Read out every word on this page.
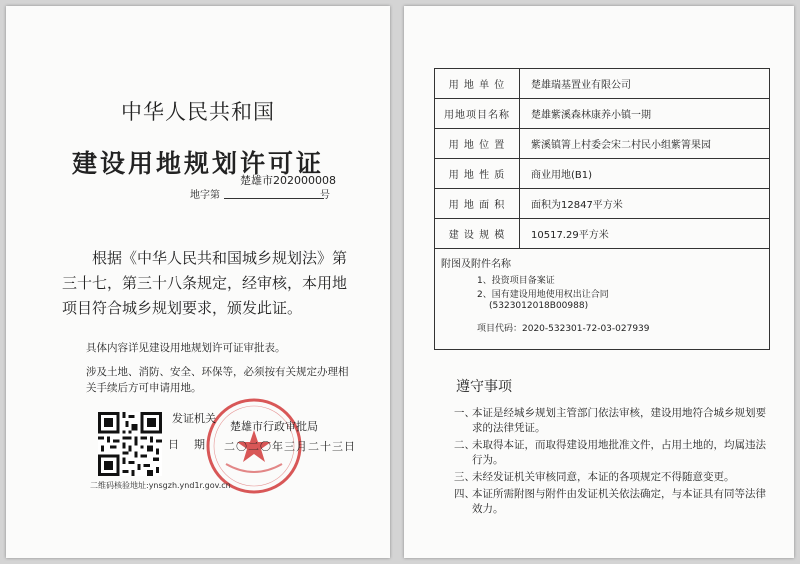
中华人民共和国
建设用地规划许可证
楚雄市202000008
地字第	号
根据《中华人民共和国城乡规划法》第三十七，第三十八条规定，经审核，本用地项目符合城乡规划要求，颁发此证。
具体内容详见建设用地规划许可证审批表。
涉及土地、消防、安全、环保等，必须按有关规定办理相关手续后方可申请用地。
发证机关
日 期
楚雄市行政审批局
二〇二〇年三月二十三日
二维码核验地址:ynsgzh.ynd1r.gov.cn
用 地 单 位	楚雄瑞基置业有限公司
用地项目名称	楚雄紫溪森林康养小镇一期
用 地 位 置	紫溪镇箐上村委会宋二村民小组紫箐果园
用 地 性 质	商业用地(B1)
用 地 面 积	面积为12847平方米
建 设 规 模	10517.29平方米
附图及附件名称
1、投资项目备案证
2、国有建设用地使用权出让合同
(5323012018B00988)
项目代码：2020-532301-72-03-027939
遵守事项
一、
本证是经城乡规划主管部门依法审核，建设用地符合城乡规划要求的法律凭证。
二、
未取得本证，而取得建设用地批准文件，占用土地的，均属违法行为。
三、
未经发证机关审核同意，本证的各项规定不得随意变更。
四、
本证所需附图与附件由发证机关依法确定，与本证具有同等法律效力。
